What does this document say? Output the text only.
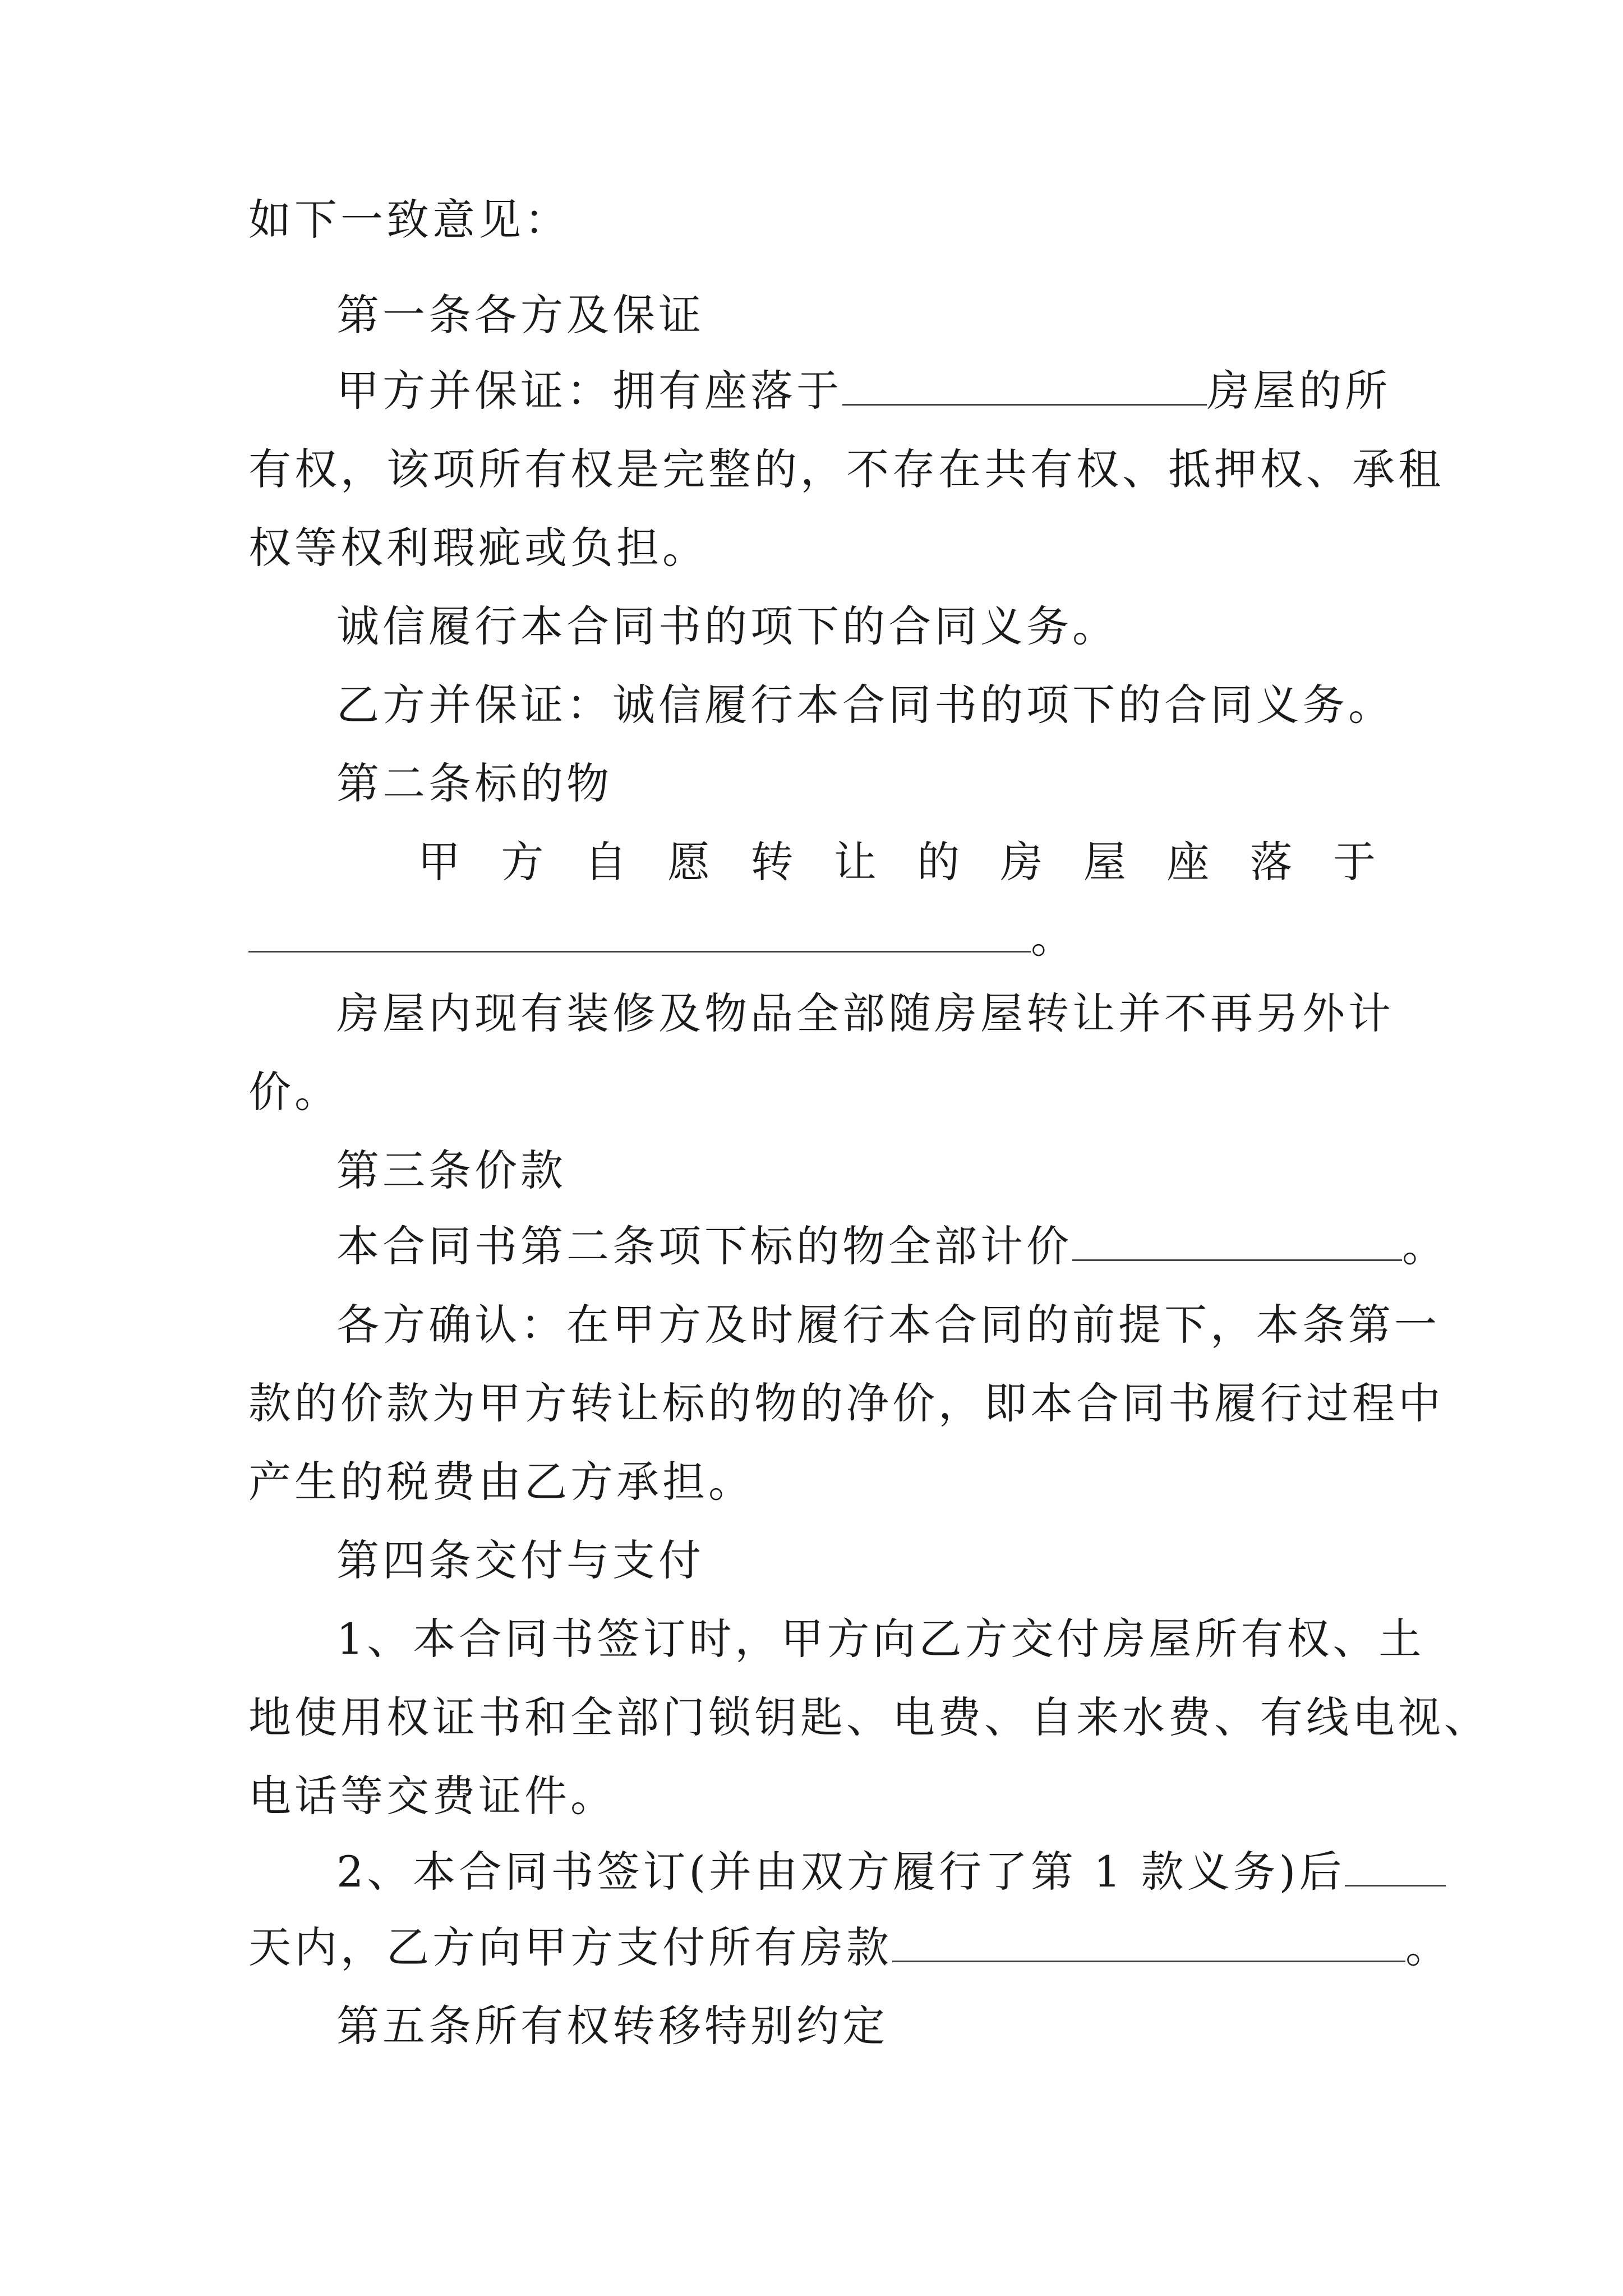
如下一致意见：
第一条各方及保证
甲方并保证：拥有座落于	房屋的所
有权，该项所有权是完整的，不存在共有权、抵押权、承租
权等权利瑕疵或负担。
诚信履行本合同书的项下的合同义务。
乙方并保证：诚信履行本合同书的项下的合同义务。
第二条标的物
甲 方 自 愿 转 让 的 房 屋 座 落 于
。
房屋内现有装修及物品全部随房屋转让并不再另外计
价。
第三条价款
本合同书第二条项下标的物全部计价	。
各方确认：在甲方及时履行本合同的前提下，本条第一
款的价款为甲方转让标的物的净价，即本合同书履行过程中
产生的税费由乙方承担。
第四条交付与支付
1、本合同书签订时，甲方向乙方交付房屋所有权、土
地使用权证书和全部门锁钥匙、电费、自来水费、有线电视、
电话等交费证件。
2、本合同书签订(并由双方履行了第 1 款义务)后
天内，乙方向甲方支付所有房款	。
第五条所有权转移特别约定
